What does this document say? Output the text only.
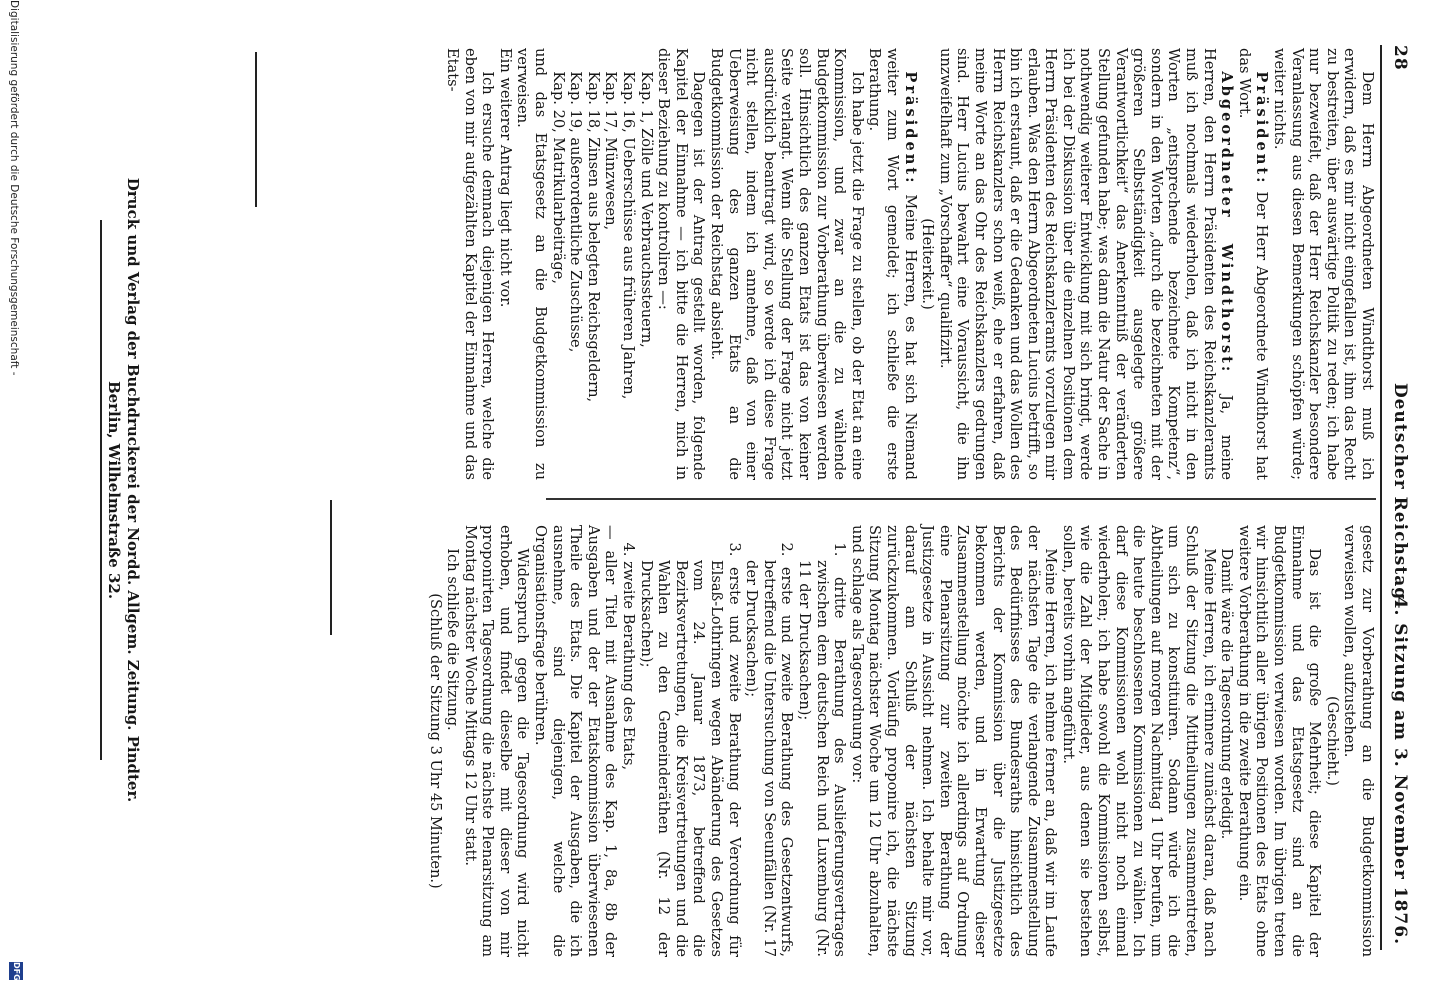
28
Deutscher Reichstag.
4. Sitzung am 3. November 1876.

Dem Herrn Abgeordneten Windthorst muß ich erwidern, daß es mir nicht eingefallen ist, ihm das Recht zu bestreiten, über auswärtige Politik zu reden; ich habe nur bezweifelt, daß der Herr Reichskanzler besondere Veranlassung aus diesen Bemerkungen schöpfen würde; weiter nichts.

Präsident: Der Herr Abgeordnete Windthorst hat das Wort.

Abgeordneter Windthorst: Ja, meine Herren, den Herrn Präsidenten des Reichskanzleramts muß ich nochmals wiederholen, daß ich nicht in den Worten „entsprechende bezeichnete Kompetenz“, sondern in den Worten „durch die bezeichneten mit der größeren Selbstständigkeit ausgelegte größere Verantwortlichkeit“ das Anerkenntniß der veränderten Stellung gefunden habe; was dann die Natur der Sache in nothwendig weiterer Entwicklung mit sich bringt, werde ich bei der Diskussion über die einzelnen Positionen dem Herrn Präsidenten des Reichskanzleramts vorzulegen mir erlauben. Was den Herrn Abgeordneten Lucius betrifft, so bin ich erstaunt, daß er die Gedanken und das Wollen des Herrn Reichskanzlers schon weiß, ehe er erfahren, daß meine Worte an das Ohr des Reichskanzlers gedrungen sind. Herr Lucius bewahrt eine Voraussicht, die ihn unzweifelhaft zum „Vorschaffer“ qualifizirt.

(Heiterkeit.)

Präsident: Meine Herren, es hat sich Niemand weiter zum Wort gemeldet; ich schließe die erste Berathung.

Ich habe jetzt die Frage zu stellen, ob der Etat an eine Kommission, und zwar an die zu wählende Budgetkommission zur Vorberathung überwiesen werden soll. Hinsichtlich des ganzen Etats ist das von keiner Seite verlangt. Wenn die Stellung der Frage nicht jetzt ausdrücklich beantragt wird, so werde ich diese Frage nicht stellen, indem ich annehme, daß von einer Ueberweisung des ganzen Etats an die Budgetkommission der Reichstag absieht.

Dagegen ist der Antrag gestellt worden, folgende Kapitel der Einnahme — ich bitte die Herren, mich in dieser Beziehung zu kontroliren —:

Kap. 1, Zölle und Verbrauchssteuern,

Kap. 16, Ueberschüsse aus früheren Jahren,

Kap. 17, Münzwesen,

Kap. 18, Zinsen aus belegten Reichsgeldern,

Kap. 19, außerordentliche Zuschüsse,

Kap. 20, Matrikularbeiträge,

und das Etatsgesetz an die Budgetkommission zu verweisen.

Ein weiterer Antrag liegt nicht vor.

Ich ersuche demnach diejenigen Herren, welche die eben von mir aufgezählten Kapitel der Einnahme und das Etats-

gesetz zur Vorberathung an die Budgetkommission verweisen wollen, aufzustehen.

(Geschieht.)

Das ist die große Mehrheit; diese Kapitel der Einnahme und das Etatsgesetz sind an die Budgetkommission verwiesen worden. Im übrigen treten wir hinsichtlich aller übrigen Positionen des Etats ohne weitere Vorberathung in die zweite Berathung ein.

Damit wäre die Tagesordnung erledigt.

Meine Herren, ich erinnere zunächst daran, daß nach Schluß der Sitzung die Mittheilungen zusammentreten, um sich zu konstituiren. Sodann würde ich die Abtheilungen auf morgen Nachmittag 1 Uhr berufen, um die heute beschlossenen Kommissionen zu wählen. Ich darf diese Kommissionen wohl nicht noch einmal wiederholen; ich habe sowohl die Kommissionen selbst, wie die Zahl der Mitglieder, aus denen sie bestehen sollen, bereits vorhin angeführt.

Meine Herren, ich nehme ferner an, daß wir im Laufe der nächsten Tage die verlangende Zusammenstellung des Bedürfnisses des Bundesraths hinsichtlich des Berichts der Kommission über die Justizgesetze bekommen werden, und in Erwartung dieser Zusammenstellung möchte ich allerdings auf Ordnung eine Plenarsitzung zur zweiten Berathung der Justizgesetze in Aussicht nehmen. Ich behalte mir vor, darauf am Schluß der nächsten Sitzung zurückzukommen. Vorläufig proponire ich, die nächste Sitzung Montag nächster Woche um 12 Uhr abzuhalten, und schlage als Tagesordnung vor:

1. dritte Berathung des Auslieferungsvertrages zwischen dem deutschen Reich und Luxemburg (Nr. 11 der Drucksachen);

2. erste und zweite Berathung des Gesetzentwurfs, betreffend die Untersuchung von Seeunfällen (Nr. 17 der Drucksachen);

3. erste und zweite Berathung der Verordnung für Elsaß-Lothringen wegen Abänderung des Gesetzes vom 24. Januar 1873, betreffend die Bezirksvertretungen, die Kreisvertretungen und die Wahlen zu den Gemeinderäthen (Nr. 12 der Drucksachen);

4. zweite Berathung des Etats,

— aller Titel mit Ausnahme des Kap. 1, 8a, 8b der Ausgaben und der der Etatskommission überwiesenen Theile des Etats. Die Kapitel der Ausgaben, die ich ausnehme, sind diejenigen, welche die Organisationsfrage berühren.

Widerspruch gegen die Tagesordnung wird nicht erhoben, und findet dieselbe mit dieser von mir proponirten Tagesordnung die nächste Plenarsitzung am Montag nächster Woche Mittags 12 Uhr statt.

Ich schließe die Sitzung.

(Schluß der Sitzung 3 Uhr 45 Minuten.)

Druck und Verlag der Buchdruckerei der Nordd. Allgem. Zeitung. Pindter.
Berlin, Wilhelmstraße 32.
Digitalisierung gefördert durch die Deutsche Forschungsgemeinschaft -
DFG
